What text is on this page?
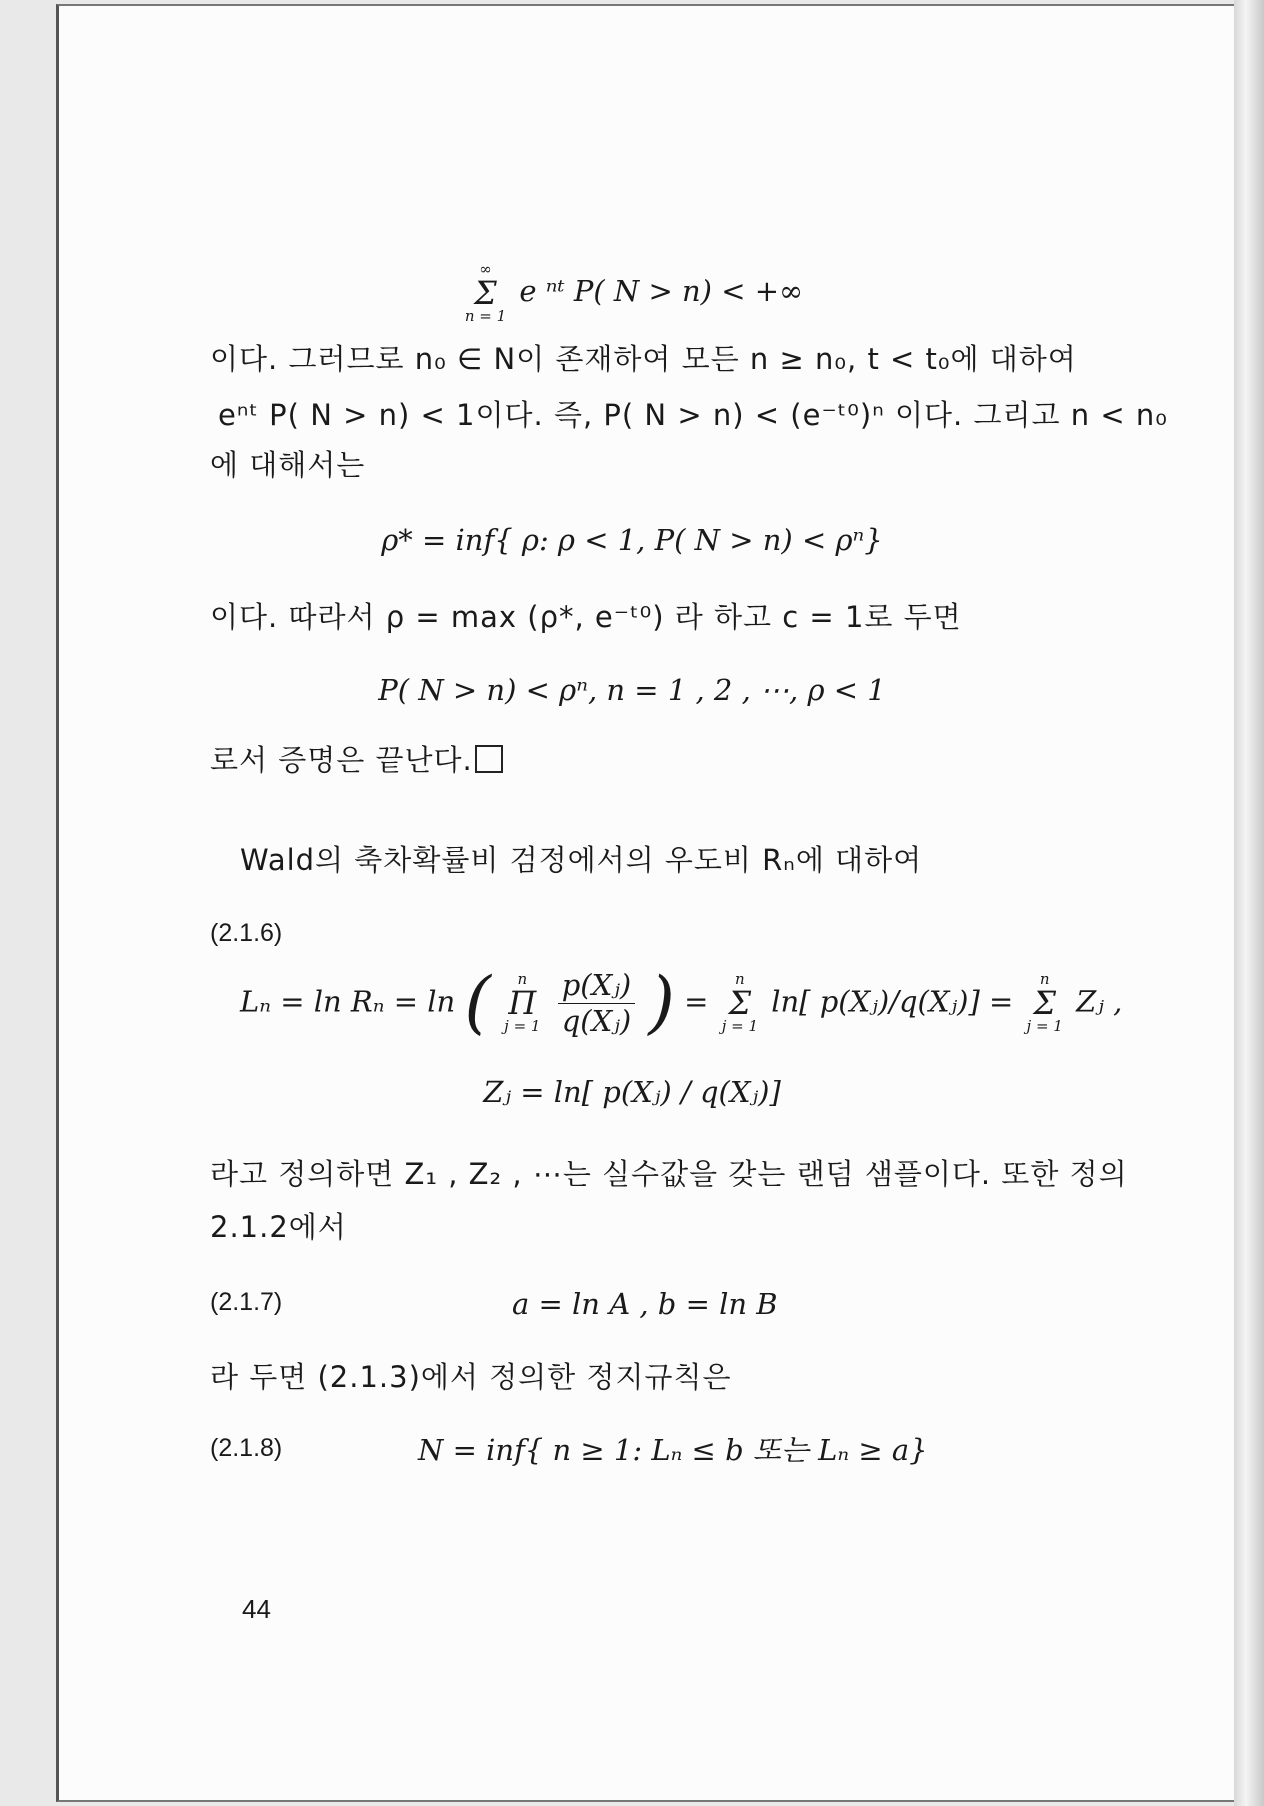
∞
Σ
n = 1
e ⁿᵗ P( N > n) < +∞
이다. 그러므로 n₀ ∈ N이 존재하여 모든 n ≥ n₀, t < t₀에 대하여
eⁿᵗ P( N > n) < 1이다. 즉, P( N > n) < (e⁻ᵗ⁰)ⁿ 이다. 그리고 n < n₀
에 대해서는
ρ* = inf{ ρ: ρ < 1, P( N > n) < ρⁿ}
이다. 따라서 ρ = max (ρ*, e⁻ᵗ⁰) 라 하고 c = 1로 두면
P( N > n) < ρⁿ, n = 1 , 2 , ⋯, ρ < 1
로서 증명은 끝난다.
Wald의 축차확률비 검정에서의 우도비 Rₙ에 대하여
(2.1.6)
Lₙ = ln Rₙ = ln (	n
Π
j = 1
$\frac{\text{p(Xⱼ)}}{\text{q(Xⱼ)}}$ ) =
n
Σ
j = 1
ln[ p(Xⱼ)/q(Xⱼ)] =
n
Σ
j = 1
Zⱼ ,
Zⱼ = ln[ p(Xⱼ) / q(Xⱼ)]
라고 정의하면 Z₁ , Z₂ , ⋯는 실수값을 갖는 랜덤 샘플이다. 또한 정의
2.1.2에서
(2.1.7)	a = ln A , b = ln B
라 두면 (2.1.3)에서 정의한 정지규칙은
(2.1.8)	N = inf{ n ≥ 1: Lₙ ≤ b 또는 Lₙ ≥ a}
44
